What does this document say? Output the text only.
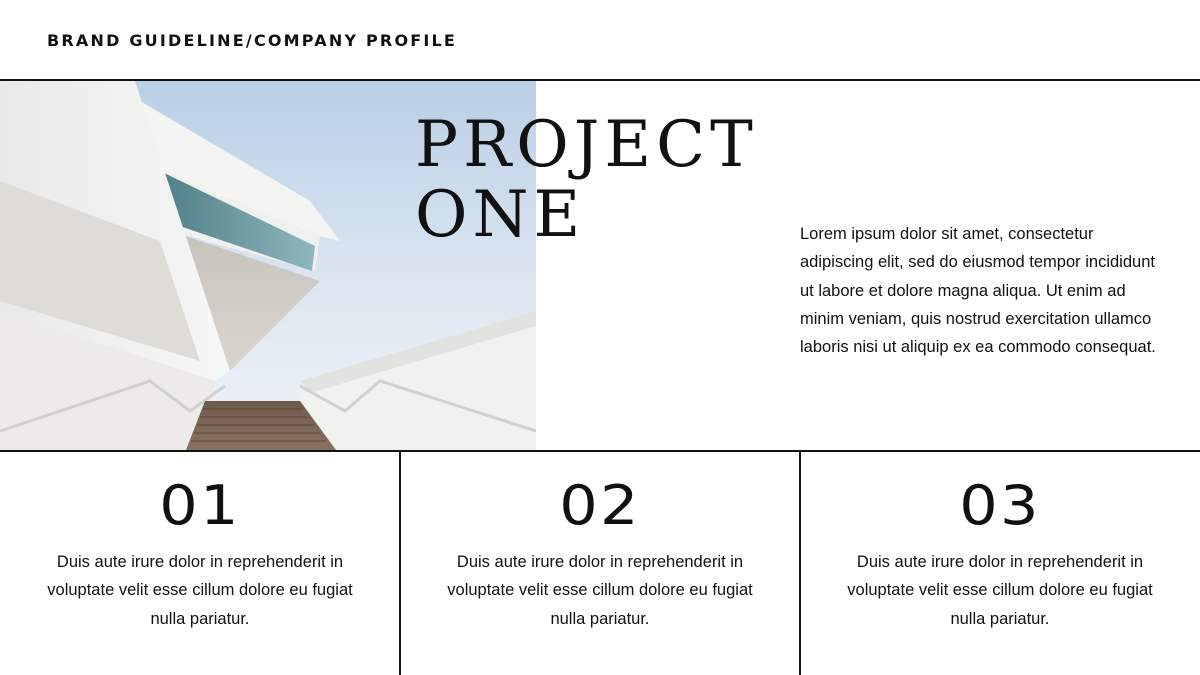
BRAND GUIDELINE/COMPANY PROFILE
PROJECT
ONE	Lorem ipsum dolor sit amet, consectetur adipiscing elit, sed do eiusmod tempor incididunt ut labore et dolore magna aliqua. Ut enim ad minim veniam, quis nostrud exercitation ullamco laboris nisi ut aliquip ex ea commodo consequat.

01
Duis aute irure dolor in reprehenderit in voluptate velit esse cillum dolore eu fugiat nulla pariatur.
02
Duis aute irure dolor in reprehenderit in voluptate velit esse cillum dolore eu fugiat nulla pariatur.
03
Duis aute irure dolor in reprehenderit in voluptate velit esse cillum dolore eu fugiat nulla pariatur.
